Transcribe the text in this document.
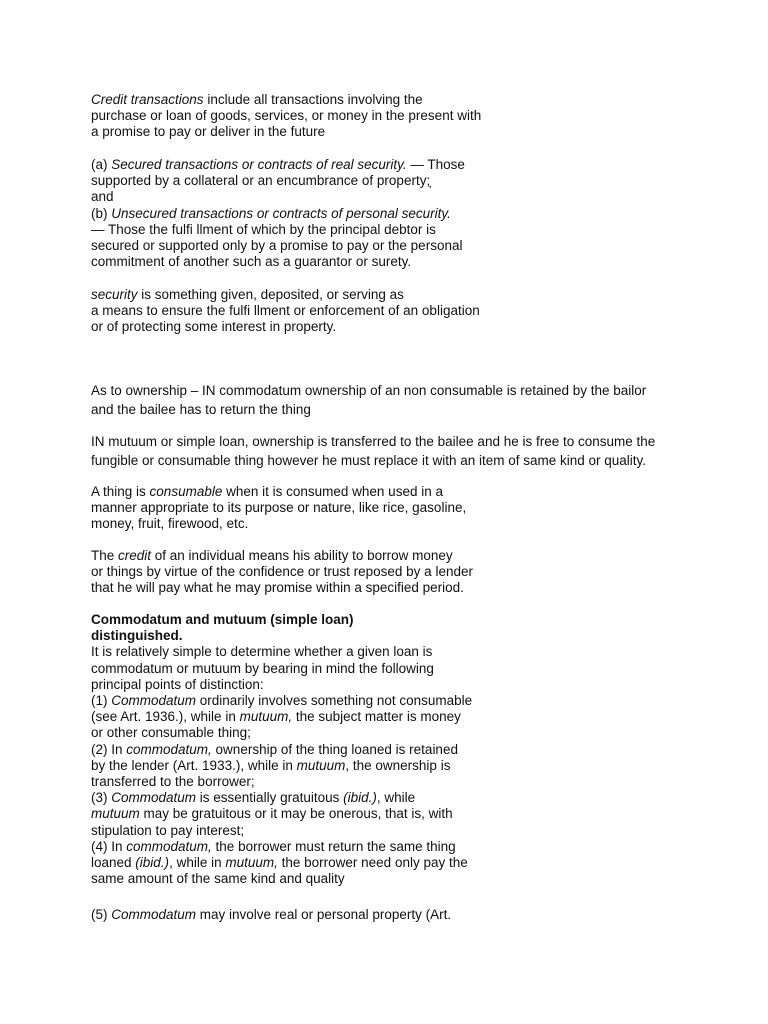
Credit transactions include all transactions involving the
purchase or loan of goods, services, or money in the present with
a promise to pay or deliver in the future

(a) Secured transactions or contracts of real security. — Those
supported by a collateral or an encumbrance of property;̦
and
(b) Unsecured transactions or contracts of personal security.
— Those the fulfi llment of which by the principal debtor is
secured or supported only by a promise to pay or the personal
commitment of another such as a guarantor or surety.

security is something given, deposited, or serving as
a means to ensure the fulfi llment or enforcement of an obligation
or of protecting some interest in property.

As to ownership – IN commodatum ownership of an non consumable is retained by the bailor
and the bailee has to return the thing

IN mutuum or simple loan, ownership is transferred to the bailee and he is free to consume the
fungible or consumable thing however he must replace it with an item of same kind or quality.

A thing is consumable when it is consumed when used in a
manner appropriate to its purpose or nature, like rice, gasoline,
money, fruit, firewood, etc.

The credit of an individual means his ability to borrow money
or things by virtue of the confidence or trust reposed by a lender
that he will pay what he may promise within a specified period.

Commodatum and mutuum (simple loan)
distinguished.
It is relatively simple to determine whether a given loan is
commodatum or mutuum by bearing in mind the following
principal points of distinction:
(1) Commodatum ordinarily involves something not consumable
(see Art. 1936.), while in mutuum, the subject matter is money
or other consumable thing;
(2) In commodatum, ownership of the thing loaned is retained
by the lender (Art. 1933.), while in mutuum, the ownership is
transferred to the borrower;
(3) Commodatum is essentially gratuitous (ibid.), while
mutuum may be gratuitous or it may be onerous, that is, with
stipulation to pay interest;
(4) In commodatum, the borrower must return the same thing
loaned (ibid.), while in mutuum, the borrower need only pay the
same amount of the same kind and quality

(5) Commodatum may involve real or personal property (Art.
